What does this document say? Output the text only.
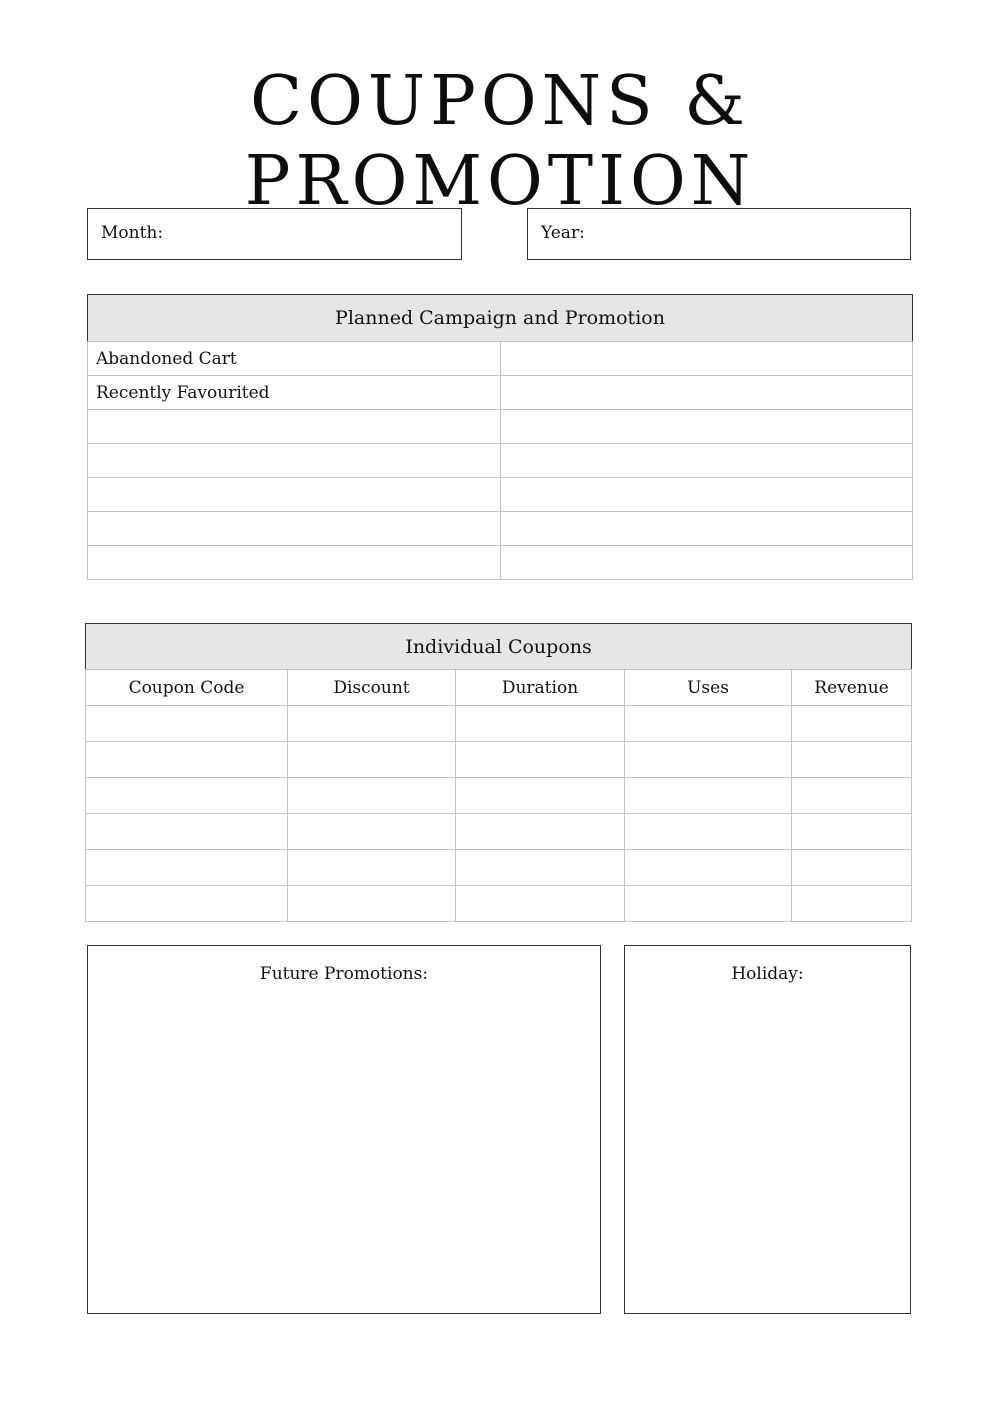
COUPONS & PROMOTION
Month:	Year:
Planned Campaign and Promotion	
Abandoned Cart	
Recently Favourited	

Individual Coupons				
Coupon Code	Discount	Duration	Uses	Revenue

Future Promotions:	Holiday:
